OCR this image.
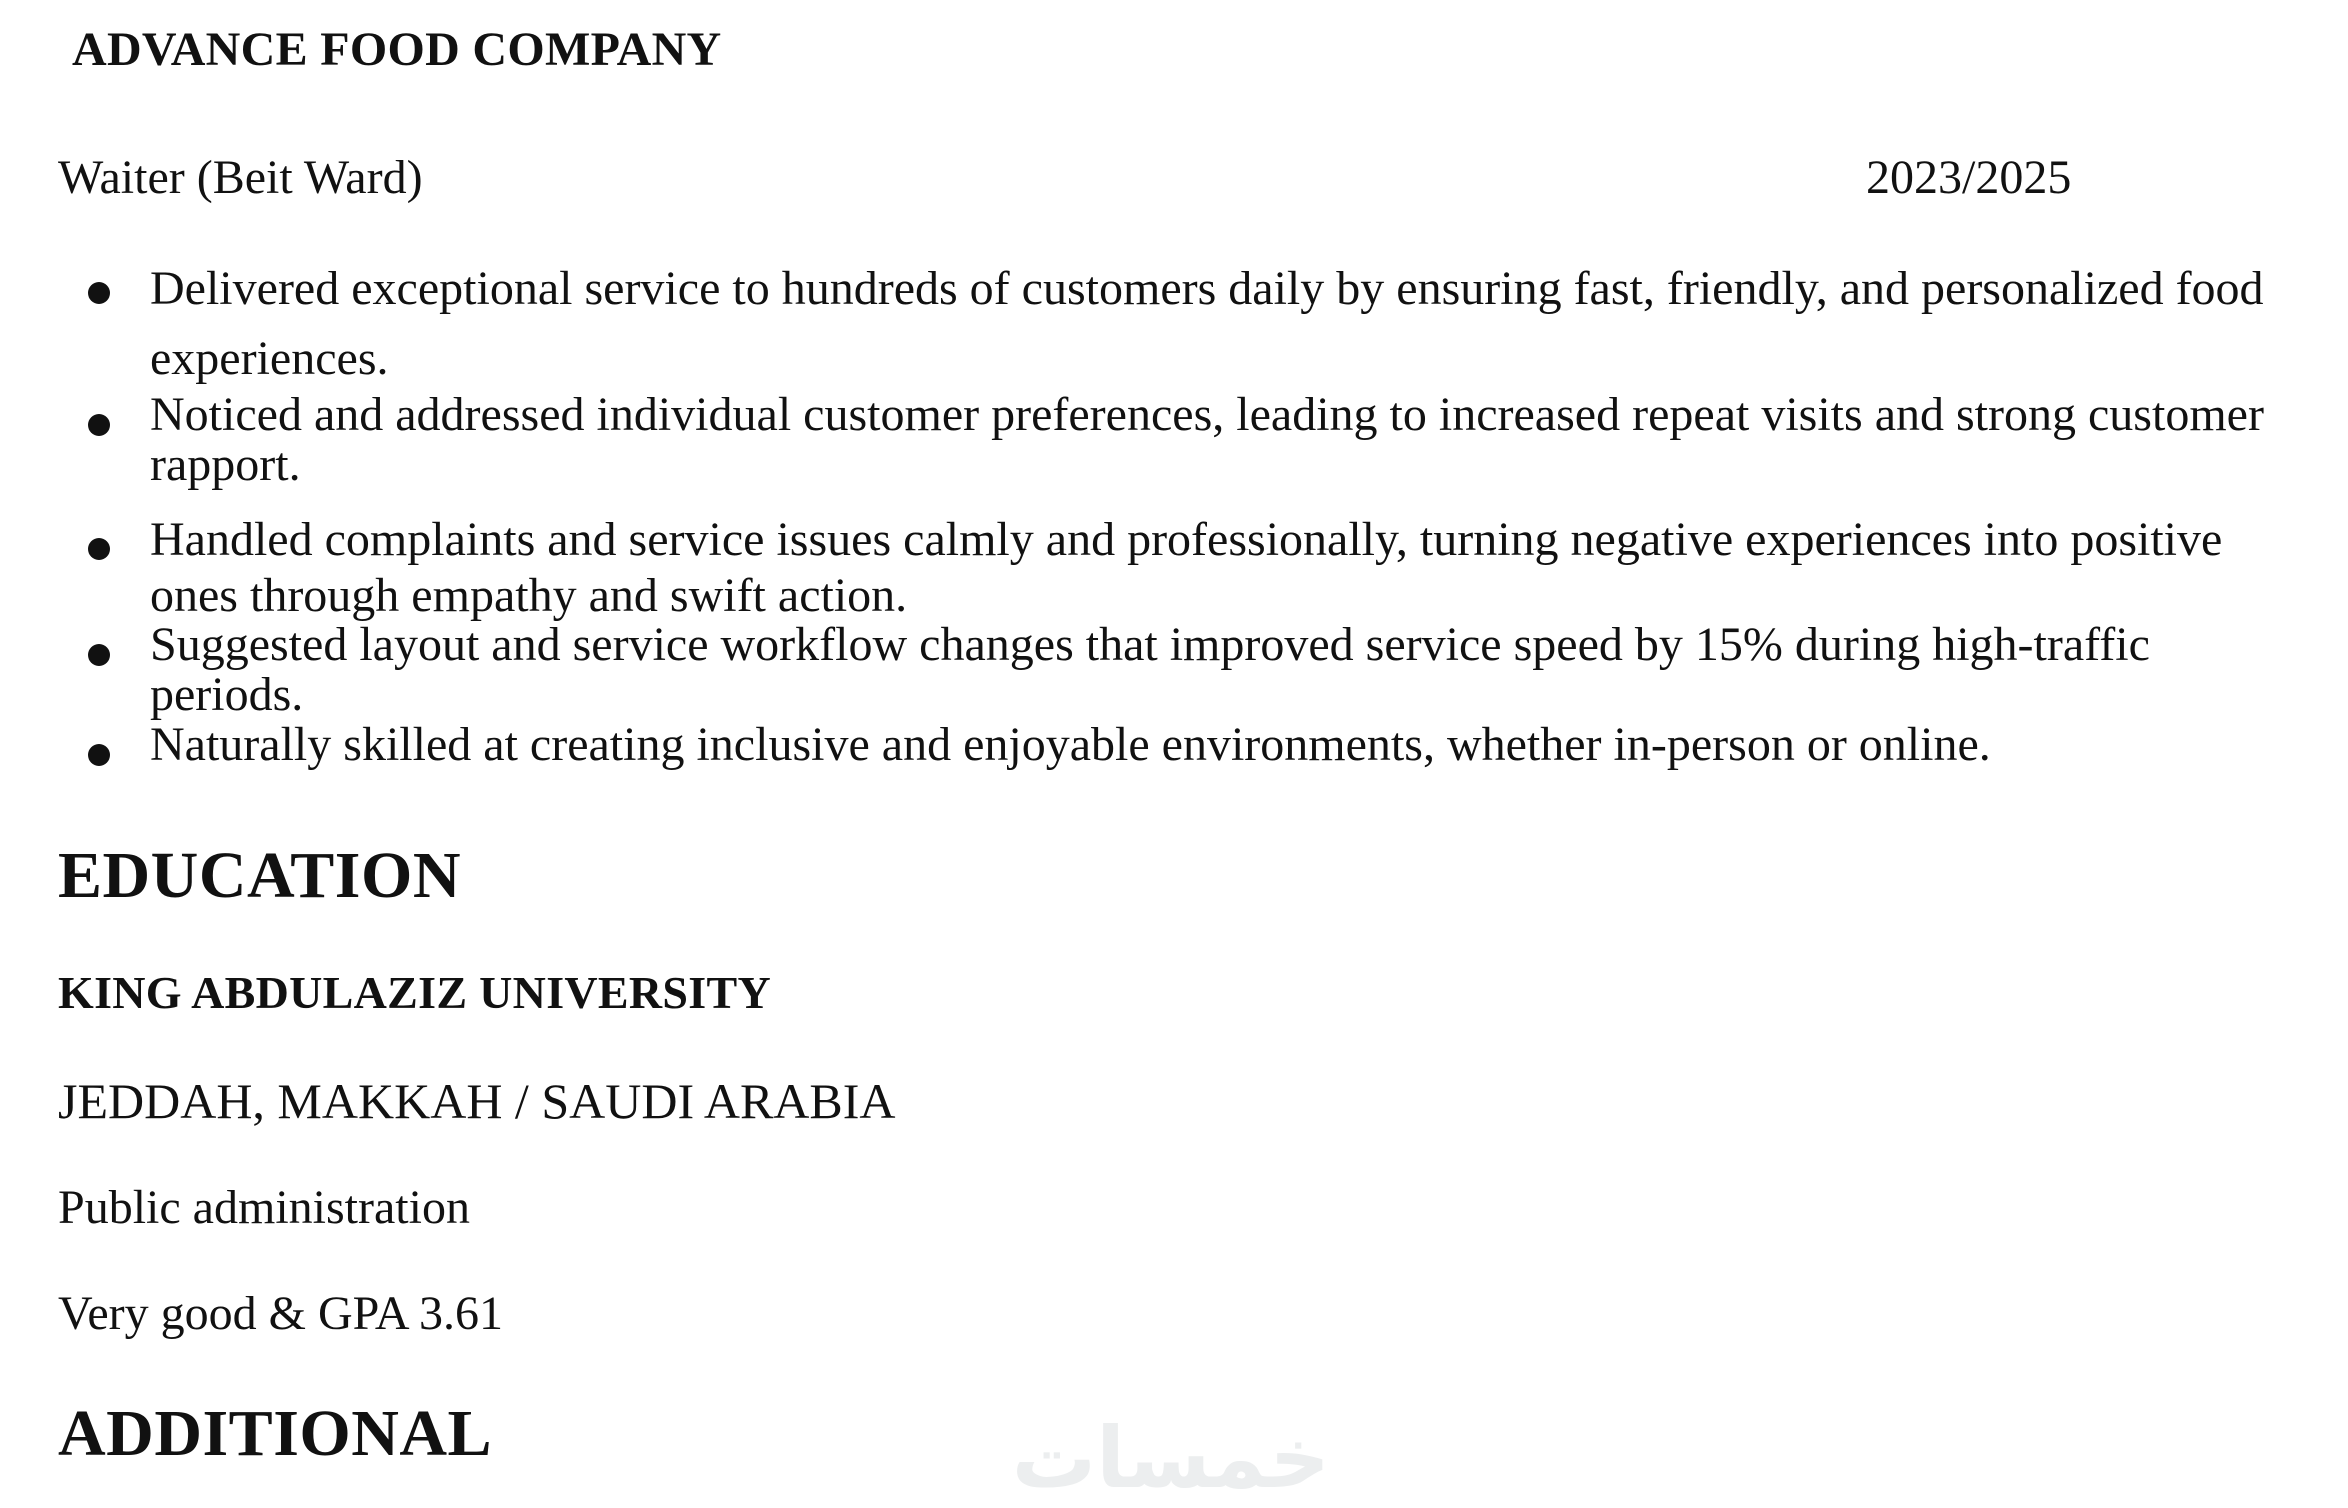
ADVANCE FOOD COMPANY
Waiter (Beit Ward)	2023/2025
Delivered exceptional service to hundreds of customers daily by ensuring fast, friendly, and personalized food experiences.
Noticed and addressed individual customer preferences, leading to increased repeat visits and strong customer rapport.
Handled complaints and service issues calmly and professionally, turning negative experiences into positive ones through empathy and swift action.
Suggested layout and service workflow changes that improved service speed by 15% during high-traffic periods.
Naturally skilled at creating inclusive and enjoyable environments, whether in-person or online.
EDUCATION
KING ABDULAZIZ UNIVERSITY
JEDDAH, MAKKAH / SAUDI ARABIA
Public administration
Very good & GPA 3.61
ADDITIONAL	خمسات
